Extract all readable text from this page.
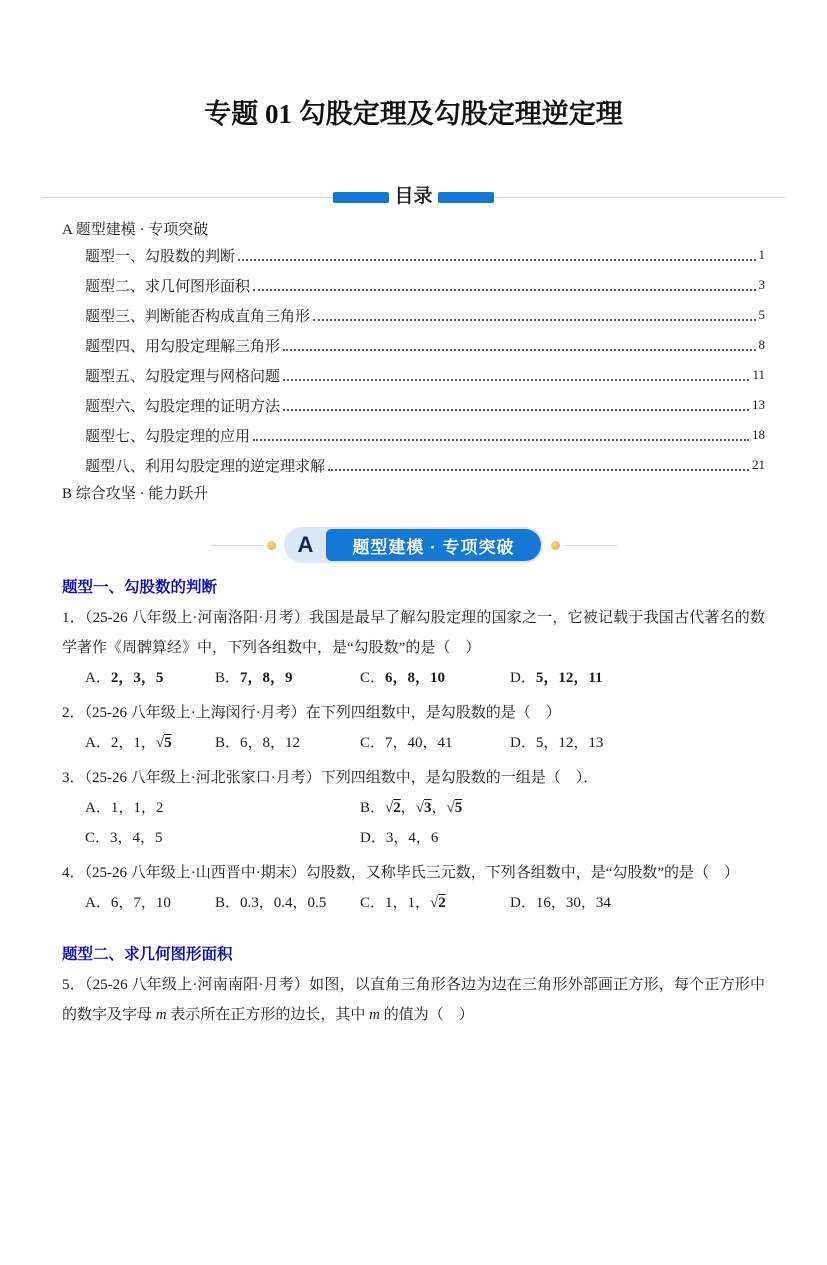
专题 01 勾股定理及勾股定理逆定理
目录
A 题型建模 · 专项突破
题型一、勾股数的判断	1
题型二、求几何图形面积	3
题型三、判断能否构成直角三角形	5
题型四、用勾股定理解三角形	8
题型五、勾股定理与网格问题	11
题型六、勾股定理的证明方法	13
题型七、勾股定理的应用	18
题型八、利用勾股定理的逆定理求解	21
B 综合攻坚 · 能力跃升
A	题型建模 · 专项突破
题型一、勾股数的判断

1．（25-26 八年级上·河南洛阳·月考）我国是最早了解勾股定理的国家之一，它被记载于我国古代著名的数学著作《周髀算经》中，下列各组数中，是“勾股数”的是（　）

A．2，3，5	B．7，8，9	C．6，8，10	D．5，12，11

2．（25-26 八年级上·上海闵行·月考）在下列四组数中，是勾股数的是（　）

A．2，1，√5	B．6，8，12	C．7，40，41	D．5，12，13

3．（25-26 八年级上·河北张家口·月考）下列四组数中，是勾股数的一组是（　）．

A．1，1，2	B．√2，√3，√5
C．3，4，5	D．3，4，6

4．（25-26 八年级上·山西晋中·期末）勾股数，又称毕氏三元数，下列各组数中，是“勾股数”的是（　）

A．6，7，10	B．0.3，0.4，0.5	C．1，1，√2	D．16，30，34
题型二、求几何图形面积

5．（25-26 八年级上·河南南阳·月考）如图，以直角三角形各边为边在三角形外部画正方形，每个正方形中的数字及字母 m 表示所在正方形的边长，其中 m 的值为（　）
